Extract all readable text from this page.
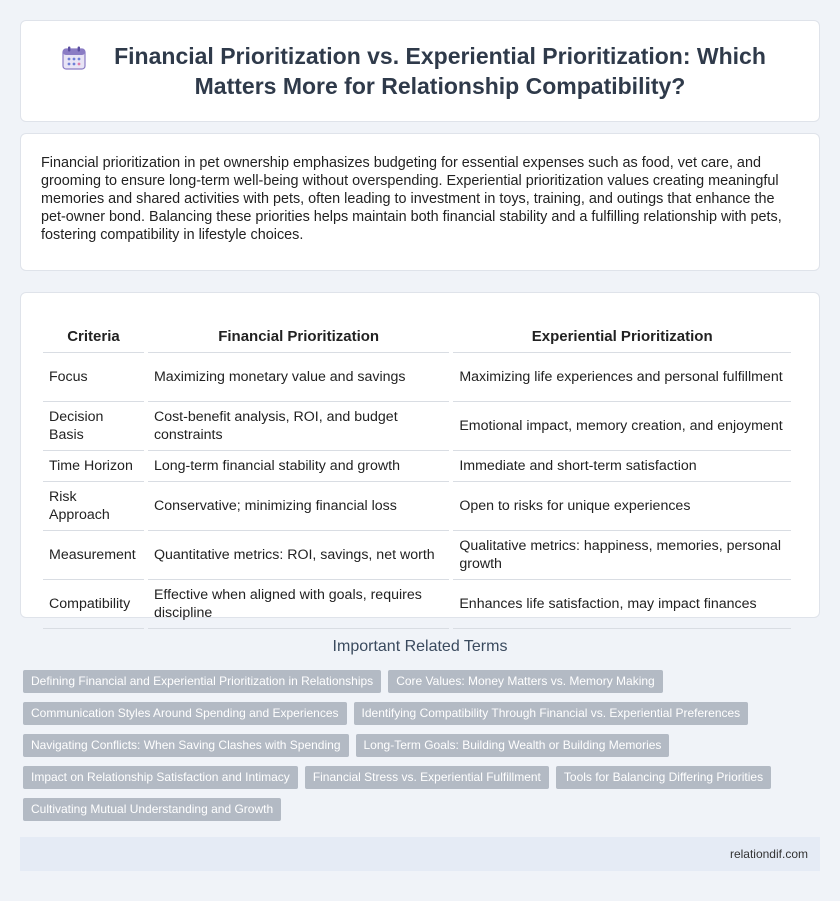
Financial Prioritization vs. Experiential Prioritization: Which Matters More for Relationship Compatibility?

Financial prioritization in pet ownership emphasizes budgeting for essential expenses such as food, vet care, and grooming to ensure long-term well-being without overspending. Experiential prioritization values creating meaningful memories and shared activities with pets, often leading to investment in toys, training, and outings that enhance the pet-owner bond. Balancing these priorities helps maintain both financial stability and a fulfilling relationship with pets, fostering compatibility in lifestyle choices.

Criteria	Financial Prioritization	Experiential Prioritization
Focus	Maximizing monetary value and savings	Maximizing life experiences and personal fulfillment
Decision Basis	Cost-benefit analysis, ROI, and budget constraints	Emotional impact, memory creation, and enjoyment
Time Horizon	Long-term financial stability and growth	Immediate and short-term satisfaction
Risk Approach	Conservative; minimizing financial loss	Open to risks for unique experiences
Measurement	Quantitative metrics: ROI, savings, net worth	Qualitative metrics: happiness, memories, personal growth
Compatibility	Effective when aligned with goals, requires discipline	Enhances life satisfaction, may impact finances
Important Related Terms
Defining Financial and Experiential Prioritization in Relationships	Core Values: Money Matters vs. Memory Making
Communication Styles Around Spending and Experiences	Identifying Compatibility Through Financial vs. Experiential Preferences
Navigating Conflicts: When Saving Clashes with Spending	Long-Term Goals: Building Wealth or Building Memories
Impact on Relationship Satisfaction and Intimacy	Financial Stress vs. Experiential Fulfillment	Tools for Balancing Differing Priorities
Cultivating Mutual Understanding and Growth
relationdif.com
